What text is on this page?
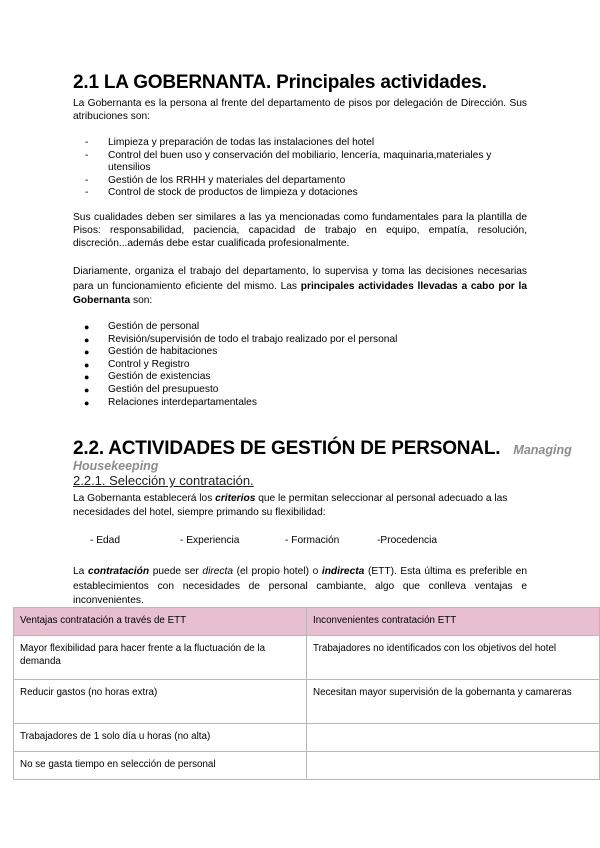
2.1 LA GOBERNANTA. Principales actividades.
La Gobernanta es la persona al frente del departamento de pisos por delegación de Dirección. Sus atribuciones son:
- Limpieza y preparación de todas las instalaciones del hotel
- Control del buen uso y conservación del mobiliario, lencería, maquinaria,materiales y utensilios
- Gestión de los RRHH y materiales del departamento
- Control de stock de productos de limpieza y dotaciones
Sus cualidades deben ser similares a las ya mencionadas como fundamentales para la plantilla de Pisos: responsabilidad, paciencia, capacidad de trabajo en equipo, empatía, resolución, discreción...además debe estar cualificada profesionalmente.
Diariamente, organiza el trabajo del departamento, lo supervisa y toma las decisiones necesarias para un funcionamiento eficiente del mismo. Las principales actividades llevadas a cabo por la Gobernanta son:
● Gestión de personal
● Revisión/supervisión de todo el trabajo realizado por el personal
● Gestión de habitaciones
● Control y Registro
● Gestión de existencias
● Gestión del presupuesto
● Relaciones interdepartamentales
2.2. ACTIVIDADES DE GESTIÓN DE PERSONAL. Managing
Housekeeping
2.2.1. Selección y contratación.
La Gobernanta establecerá los criterios que le permitan seleccionar al personal adecuado a las necesidades del hotel, siempre primando su flexibilidad:
- Edad	- Experiencia	- Formación	-Procedencia
La contratación puede ser directa (el propio hotel) o indirecta (ETT). Esta última es preferible en establecimientos con necesidades de personal cambiante, algo que conlleva ventajas e inconvenientes.
Ventajas contratación a través de ETT	Inconvenientes contratación ETT
Mayor flexibilidad para hacer frente a la fluctuación de la demanda	Trabajadores no identificados con los objetivos del hotel
Reducir gastos (no horas extra)	Necesitan mayor supervisión de la gobernanta y camareras
Trabajadores de 1 solo día u horas (no alta)	
No se gasta tiempo en selección de personal	
